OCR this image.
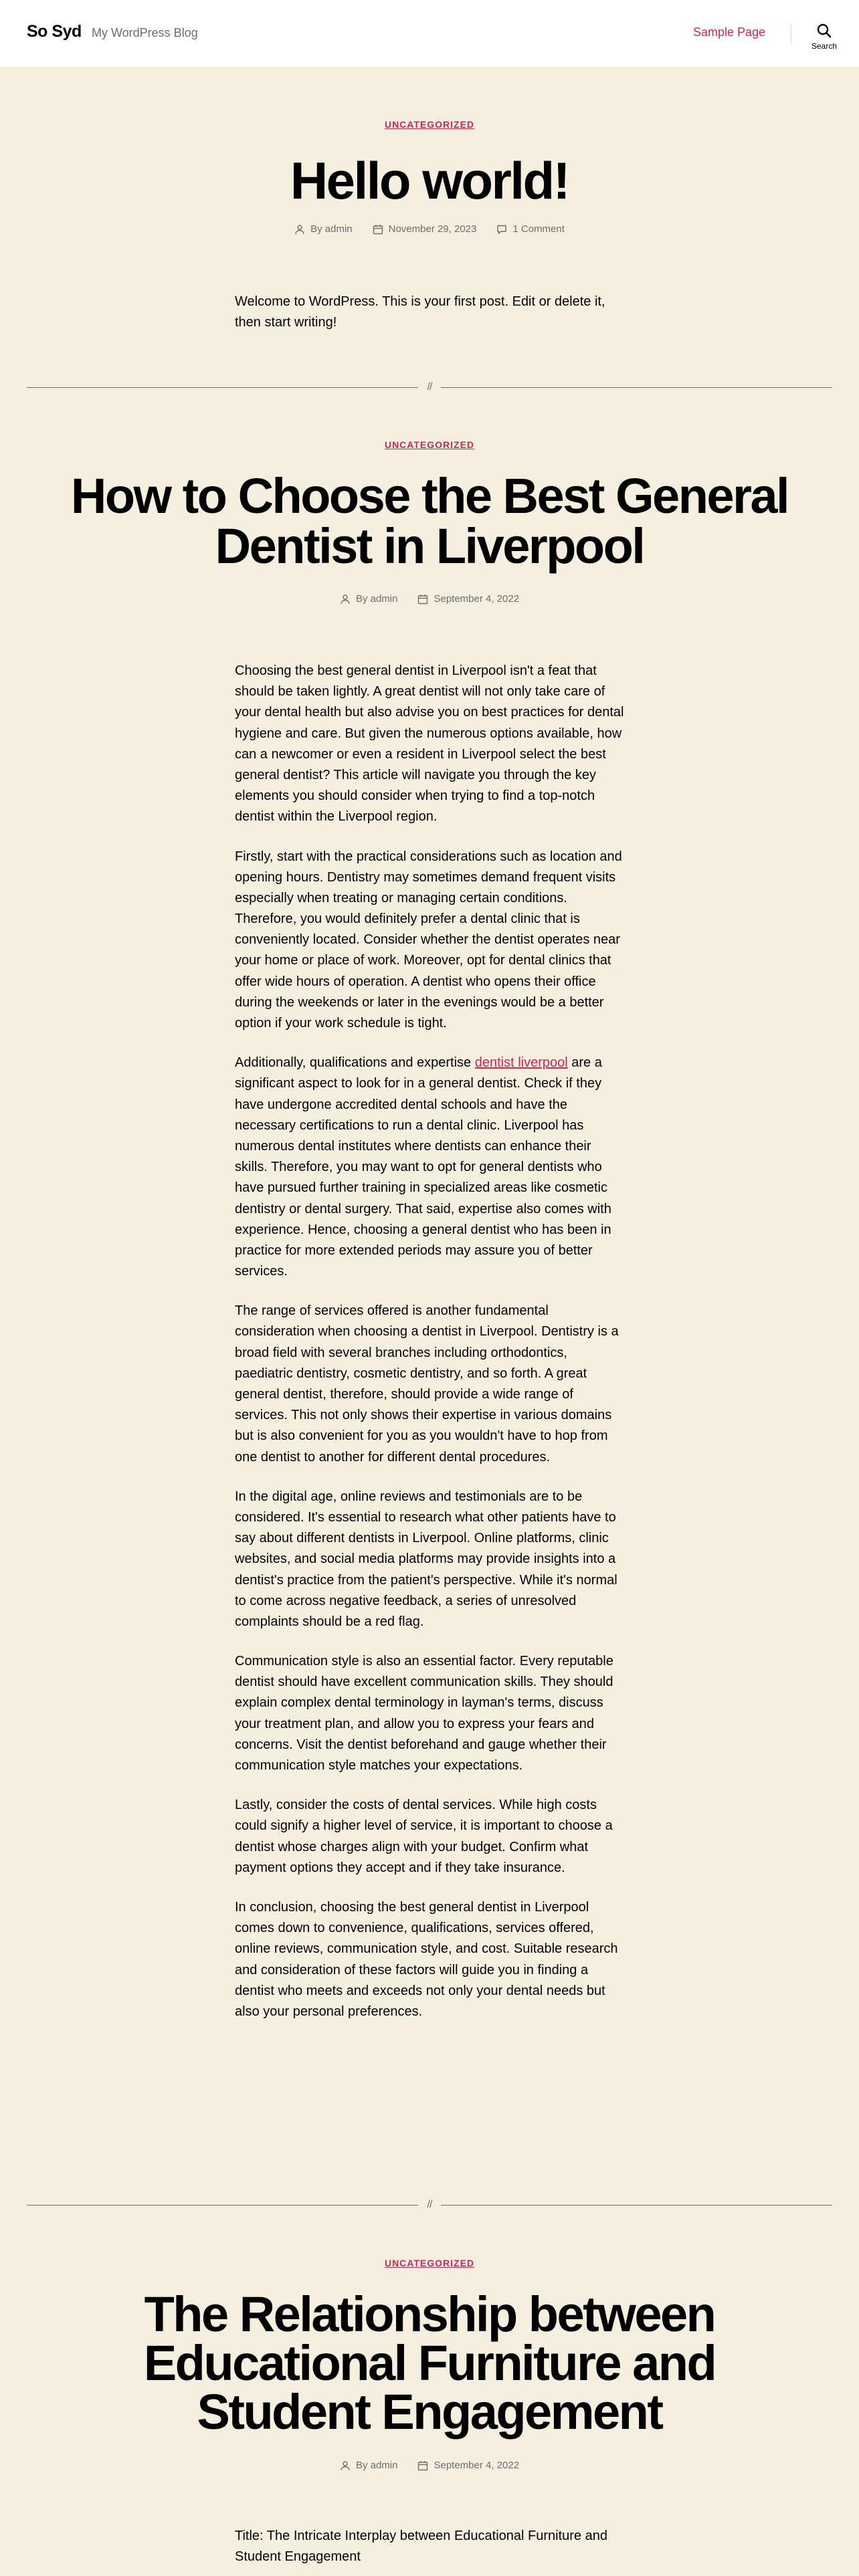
So Syd My WordPress Blog	Sample Page
Search
UNCATEGORIZED
Hello world!
By admin	November 29, 2023	1 Comment

Welcome to WordPress. This is your first post. Edit or delete it, then start writing!

//
UNCATEGORIZED
How to Choose the Best General
Dentist in Liverpool
By admin	September 4, 2022

Choosing the best general dentist in Liverpool isn't a feat that should be taken lightly. A great dentist will not only take care of your dental health but also advise you on best practices for dental hygiene and care. But given the numerous options available, how can a newcomer or even a resident in Liverpool select the best general dentist? This article will navigate you through the key elements you should consider when trying to find a top-notch dentist within the Liverpool region.

Firstly, start with the practical considerations such as location and opening hours. Dentistry may sometimes demand frequent visits especially when treating or managing certain conditions. Therefore, you would definitely prefer a dental clinic that is conveniently located. Consider whether the dentist operates near your home or place of work. Moreover, opt for dental clinics that offer wide hours of operation. A dentist who opens their office during the weekends or later in the evenings would be a better option if your work schedule is tight.

Additionally, qualifications and expertise dentist liverpool are a significant aspect to look for in a general dentist. Check if they have undergone accredited dental schools and have the necessary certifications to run a dental clinic. Liverpool has numerous dental institutes where dentists can enhance their skills. Therefore, you may want to opt for general dentists who have pursued further training in specialized areas like cosmetic dentistry or dental surgery. That said, expertise also comes with experience. Hence, choosing a general dentist who has been in practice for more extended periods may assure you of better services.

The range of services offered is another fundamental consideration when choosing a dentist in Liverpool. Dentistry is a broad field with several branches including orthodontics, paediatric dentistry, cosmetic dentistry, and so forth. A great general dentist, therefore, should provide a wide range of services. This not only shows their expertise in various domains but is also convenient for you as you wouldn't have to hop from one dentist to another for different dental procedures.

In the digital age, online reviews and testimonials are to be considered. It's essential to research what other patients have to say about different dentists in Liverpool. Online platforms, clinic websites, and social media platforms may provide insights into a dentist's practice from the patient's perspective. While it's normal to come across negative feedback, a series of unresolved complaints should be a red flag.

Communication style is also an essential factor. Every reputable dentist should have excellent communication skills. They should explain complex dental terminology in layman's terms, discuss your treatment plan, and allow you to express your fears and concerns. Visit the dentist beforehand and gauge whether their communication style matches your expectations.

Lastly, consider the costs of dental services. While high costs could signify a higher level of service, it is important to choose a dentist whose charges align with your budget. Confirm what payment options they accept and if they take insurance.

In conclusion, choosing the best general dentist in Liverpool comes down to convenience, qualifications, services offered, online reviews, communication style, and cost. Suitable research and consideration of these factors will guide you in finding a dentist who meets and exceeds not only your dental needs but also your personal preferences.

//
UNCATEGORIZED
The Relationship between
Educational Furniture and
Student Engagement
By admin	September 4, 2022

Title: The Intricate Interplay between Educational Furniture and Student Engagement
